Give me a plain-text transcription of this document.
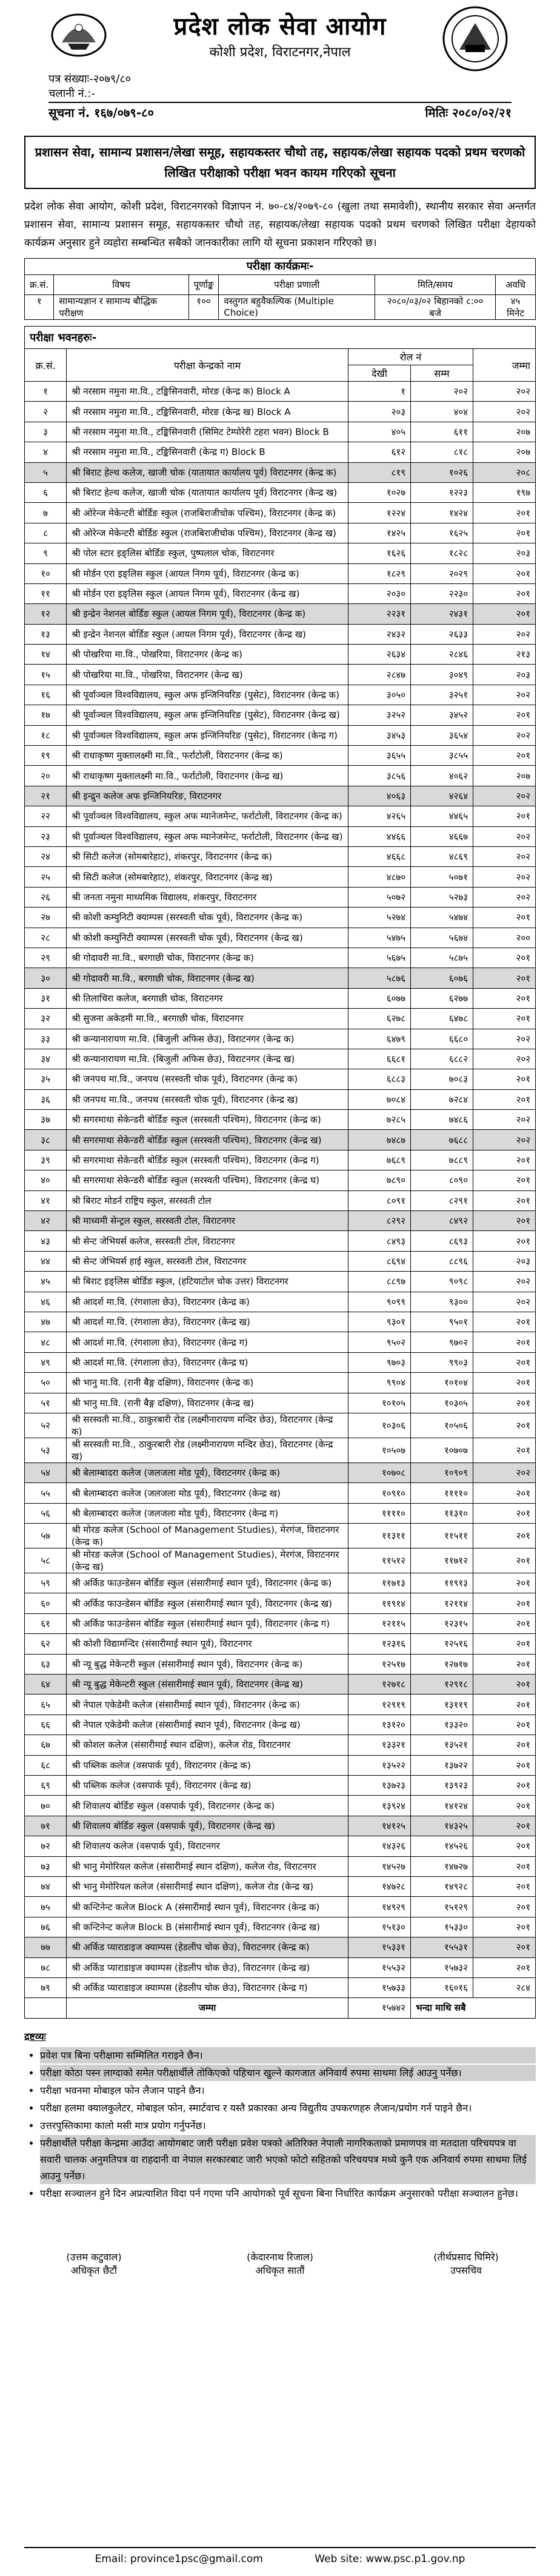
प्रदेश लोक सेवा आयोग
कोशी प्रदेश, विराटनगर,नेपाल
पत्र संख्याः-२०७९/८०
चलानी नं.:-
सूचना नं. १६७/०७९-८०	मितिः २०८०/०२/२१
प्रशासन सेवा, सामान्य प्रशासन/लेखा समूह, सहायकस्तर चौथो तह, सहायक/लेखा सहायक पदको प्रथम चरणको लिखित परीक्षाको परीक्षा भवन कायम गरिएको सूचना
प्रदेश लोक सेवा आयोग, कोशी प्रदेश, विराटनगरको विज्ञापन नं. ७०-८४/२०७९-८० (खुला तथा समावेशी), स्थानीय सरकार सेवा अन्तर्गत प्रशासन सेवा, सामान्य प्रशासन समूह, सहायकस्तर चौथो तह, सहायक/लेखा सहायक पदको प्रथम चरणको लिखित परीक्षा देहायको कार्यक्रम अनुसार हुने व्यहोरा सम्बन्धित सबैको जानकारीका लागि यो सूचना प्रकाशन गरिएको छ।
परीक्षा कार्यक्रमः-					
क्र.सं.	विषय	पूर्णाङ्क	परीक्षा प्रणाली	मिति/समय	अवधि
१	सामान्यज्ञान र सामान्य बौद्धिक परीक्षण	१००	वस्तुगत बहुवैकल्पिक (Multiple Choice)	२०८०/०३/०२ बिहानको ८:०० बजे	४५ मिनेट
परीक्षा भवनहरुः-
क्र.सं.	परीक्षा केन्द्रको नाम	रोल नं		जम्मा
		देखी	सम्म	
१	श्री नरसाम नमुना मा.वि., टङ्किसिनवारी, मोरङ (केन्द्र क) Block A	१	२०२	२०२
२	श्री नरसाम नमुना मा.वि., टङ्किसिनवारी, मोरङ (केन्द्र ख) Block A	२०३	४०४	२०२
३	श्री नरसाम नमुना मा.वि., टङ्किसिनवारी (सिमिट टेम्पोरेरी टहरा भवन) Block B	४०५	६११	२०७
४	श्री नरसाम नमुना मा.वि., टङ्किसिनवारी (केन्द्र ग) Block B	६१२	८१८	२०७
५	श्री बिराट हेल्थ कलेज, खाजी चोक (यातायात कार्यालय पूर्व) विराटनगर (केन्द्र क)	८१९	१०२६	२०८
६	श्री बिराट हेल्थ कलेज, खाजी चोक (यातायात कार्यालय पूर्व) विराटनगर (केन्द्र ख)	१०२७	१२२३	१९७
७	श्री ओरेन्ज मेकेन्टरी बोर्डिङ स्कुल (राजबिराजीचोक पश्चिम), विराटनगर (केन्द्र क)	१२२४	१४२४	२०१
८	श्री ओरेन्ज मेकेन्टरी बोर्डिङ स्कुल (राजबिराजीचोक पश्चिम), विराटनगर (केन्द्र ख)	१४२५	१६२५	२०१
९	श्री पोल स्टार इङ्लिस बोर्डिङ स्कुल, पुष्पलाल चोक, विराटनगर	१६२६	१८२८	२०३
१०	श्री मोर्डन एरा इङ्लिस स्कुल (आयल निगम पूर्व), विराटनगर (केन्द्र क)	१८२९	२०२९	२०१
११	श्री मोर्डन एरा इङ्लिस स्कुल (आयल निगम पूर्व), विराटनगर (केन्द्र ख)	२०३०	२२३०	२०१
१२	श्री इन्द्रेन नेशनल बोर्डिङ स्कुल (आयल निगम पूर्व), विराटनगर (केन्द्र क)	२२३१	२४३१	२०१
१३	श्री इन्द्रेन नेशनल बोर्डिङ स्कुल (आयल निगम पूर्व), विराटनगर (केन्द्र ख)	२४३२	२६३३	२०२
१४	श्री पोखरिया मा.वि., पोखरिया, विराटनगर (केन्द्र क)	२६३४	२८४६	२१३
१५	श्री पोखरिया मा.वि., पोखरिया, विराटनगर (केन्द्र ख)	२८४७	३०४९	२०३
१६	श्री पूर्वाञ्चल विश्वविद्यालय, स्कुल अफ इन्जिनियरिङ (पुसेट), विराटनगर (केन्द्र क)	३०५०	३२५१	२०२
१७	श्री पूर्वाञ्चल विश्वविद्यालय, स्कुल अफ इन्जिनियरिङ (पुसेट), विराटनगर (केन्द्र ख)	३२५२	३४५२	२०१
१८	श्री पूर्वाञ्चल विश्वविद्यालय, स्कुल अफ इन्जिनियरिङ (पुसेट), विराटनगर (केन्द्र ग)	३४५३	३६५४	२०२
१९	श्री राधाकृष्ण मुक्तालक्ष्मी मा.वि., फर्राटोली, विराटनगर (केन्द्र क)	३६५५	३८५५	२०१
२०	श्री राधाकृष्ण मुक्तालक्ष्मी मा.वि., फर्राटोली, विराटनगर (केन्द्र ख)	३८५६	४०६२	२०७
२१	श्री इन्द्रुन कलेज अफ इन्जिनियरिङ, विराटनगर	४०६३	४२६४	२०२
२२	श्री पूर्वाञ्चल विश्वविद्यालय, स्कुल अफ म्यानेजमेन्ट, फर्राटोली, विराटनगर (केन्द्र क)	४२६५	४४६५	२०१
२३	श्री पूर्वाञ्चल विश्वविद्यालय, स्कुल अफ म्यानेजमेन्ट, फर्राटोली, विराटनगर (केन्द्र ख)	४४६६	४६६७	२०२
२४	श्री सिटी कलेज (सोमबारेहाट), शंकरपुर, विराटनगर (केन्द्र क)	४६६८	४८६९	२०२
२५	श्री सिटी कलेज (सोमबारेहाट), शंकरपुर, विराटनगर (केन्द्र ख)	४८७०	५०७१	२०२
२६	श्री जनता नमुना माध्यमिक विद्यालय, शंकरपुर, विराटनगर	५०७२	५२७३	२०२
२७	श्री कोशी कम्युनिटी क्याम्पस (सरस्वती चोक पूर्व), विराटनगर (केन्द्र क)	५२७४	५४७४	२०१
२८	श्री कोशी कम्युनिटी क्याम्पस (सरस्वती चोक पूर्व), विराटनगर (केन्द्र ख)	५४७५	५६७४	२००
२९	श्री गोदावरी मा.वि., बरगाछी चोक, विराटनगर (केन्द्र क)	५६७५	५८७५	२०१
३०	श्री गोदावरी मा.वि., बरगाछी चोक, विराटनगर (केन्द्र ख)	५८७६	६०७६	२०१
३१	श्री तिलाचिरा कलेज, बरगाछी चोक, विराटनगर	६०७७	६२७७	२०१
३२	श्री सुजना अकेडमी मा.वि., बरगाछी चोक, विराटनगर	६२७८	६४७८	२०१
३३	श्री कन्यानारायण मा.वि. (बिजुली अफिस छेउ), विराटनगर (केन्द्र क)	६४७९	६६८०	२०२
३४	श्री कन्यानारायण मा.वि. (बिजुली अफिस छेउ), विराटनगर (केन्द्र ख)	६६८१	६८८२	२०२
३५	श्री जनपथ मा.वि., जनपथ (सरस्वती चोक पूर्व), विराटनगर (केन्द्र क)	६८८३	७०८३	२०१
३६	श्री जनपथ मा.वि., जनपथ (सरस्वती चोक पूर्व), विराटनगर (केन्द्र ख)	७०८४	७२८४	२०१
३७	श्री सगरमाथा सेकेन्डरी बोर्डिङ स्कुल (सरस्वती पश्चिम), विराटनगर (केन्द्र क)	७२८५	७४८६	२०२
३८	श्री सगरमाथा सेकेन्डरी बोर्डिङ स्कुल (सरस्वती पश्चिम), विराटनगर (केन्द्र ख)	७४८७	७६८८	२०२
३९	श्री सगरमाथा सेकेन्डरी बोर्डिङ स्कुल (सरस्वती पश्चिम), विराटनगर (केन्द्र ग)	७६८९	७८८९	२०१
४०	श्री सगरमाथा सेकेन्डरी बोर्डिङ स्कुल (सरस्वती पश्चिम), विराटनगर (केन्द्र घ)	७८९०	८०९०	२०१
४१	श्री बिराट मोडर्न राष्ट्रिय स्कुल, सरस्वती टोल	८०९१	८२९१	२०१
४२	श्री माध्यमी सेन्ट्रल स्कुल, सरस्वती टोल, विराटनगर	८२९२	८४९२	२०१
४३	श्री सेन्ट जेभियर्स कलेज, सरस्वती टोल, विराटनगर	८४९३	८६९३	२०१
४४	श्री सेन्ट जेभियर्स हाई स्कुल, सरस्वती टोल, विराटनगर	८६९४	८८९६	२०३
४५	श्री बिराट इङ्लिस बोर्डिङ स्कुल, (हटियाटोल चोक उत्तर) विराटनगर	८८९७	९०९८	२०२
४६	श्री आदर्श मा.वि. (रंगशाला छेउ), विराटनगर (केन्द्र क)	९०९९	९३००	२०२
४७	श्री आदर्श मा.वि. (रंगशाला छेउ), विराटनगर (केन्द्र ख)	९३०१	९५०१	२०१
४८	श्री आदर्श मा.वि. (रंगशाला छेउ), विराटनगर (केन्द्र ग)	९५०२	९७०२	२०१
४९	श्री आदर्श मा.वि. (रंगशाला छेउ), विराटनगर (केन्द्र घ)	९७०३	९९०३	२०१
५०	श्री भानु मा.वि. (रानी बैङ्ग दक्षिण), विराटनगर (केन्द्र क)	९९०४	१०१०४	२०१
५१	श्री भानु मा.वि. (रानी बैङ्ग दक्षिण), विराटनगर (केन्द्र ख)	१०१०५	१०३०५	२०१
५२	श्री सरस्वती मा.वि., ठाकुरबारी रोड (लक्ष्मीनारायण मन्दिर छेउ), विराटनगर (केन्द्र क)	१०३०६	१०५०६	२०१
५३	श्री सरस्वती मा.वि., ठाकुरबारी रोड (लक्ष्मीनारायण मन्दिर छेउ), विराटनगर (केन्द्र ख)	१०५०७	१०७०७	२०१
५४	श्री बेलाम्बादरा कलेज (जलजला मोड पूर्व), विराटनगर (केन्द्र क)	१०७०८	१०९०९	२०२
५५	श्री बेलाम्बादरा कलेज (जलजला मोड पूर्व), विराटनगर (केन्द्र ख)	१०९१०	११११०	२०१
५६	श्री बेलाम्बादरा कलेज (जलजला मोड पूर्व), विराटनगर (केन्द्र ग)	११११०	११३१०	२०१
५७	श्री मोरङ कलेज (School of Management Studies), मेरगंज, विराटनगर (केन्द्र क)	११३११	११५११	२०१
५८	श्री मोरङ कलेज (School of Management Studies), मेरगंज, विराटनगर (केन्द्र ख)	११५१२	११७१२	२०१
५९	श्री अर्किड फाउन्डेसन बोर्डिङ स्कुल (संसारीमाई स्थान पूर्व), विराटनगर (केन्द्र क)	११७१३	११९१३	२०१
६०	श्री अर्किड फाउन्डेसन बोर्डिङ स्कुल (संसारीमाई स्थान पूर्व), विराटनगर (केन्द्र ख)	११९१४	१२११४	२०१
६१	श्री अर्किड फाउन्डेसन बोर्डिङ स्कुल (संसारीमाई स्थान पूर्व), विराटनगर (केन्द्र ग)	१२११५	१२३१५	२०१
६२	श्री कोशी विद्यामन्दिर (संसारीमाई स्थान पूर्व), विराटनगर	१२३१६	१२५१६	२०१
६३	श्री न्यू बुद्ध मेकेन्टरी स्कुल (संसारीमाई स्थान पूर्व), विराटनगर (केन्द्र क)	१२५१७	१२७१७	२०१
६४	श्री न्यू बुद्ध मेकेन्टरी स्कुल (संसारीमाई स्थान पूर्व), विराटनगर (केन्द्र ख)	१२७१८	१२९१८	२०१
६५	श्री नेपाल एकेडेमी कलेज (संसारीमाई स्थान पूर्व), विराटनगर (केन्द्र क)	१२९१९	१३११९	२०१
६६	श्री नेपाल एकेडेमी कलेज (संसारीमाई स्थान पूर्व), विराटनगर (केन्द्र ख)	१३१२०	१३३२०	२०१
६७	श्री कोशल कलेज (संसारीमाई स्थान दक्षिण), कलेज रोड, विराटनगर	१३३२१	१३५२१	२०१
६८	श्री पब्लिक कलेज (वसपार्क पूर्व), विराटनगर (केन्द्र क)	१३५२२	१३७२२	२०१
६९	श्री पब्लिक कलेज (वसपार्क पूर्व), विराटनगर (केन्द्र ख)	१३७२३	१३९२३	२०१
७०	श्री शिवालय बोर्डिङ स्कुल (वसपार्क पूर्व), विराटनगर (केन्द्र क)	१३९२४	१४१२४	२०१
७१	श्री शिवालय बोर्डिङ स्कुल (वसपार्क पूर्व), विराटनगर (केन्द्र ख)	१४१२५	१४३२५	२०१
७२	श्री शिवालय कलेज (वसपार्क पूर्व), विराटनगर	१४३२६	१४५२६	२०१
७३	श्री भानु मेमोरियल कलेज (संसारीमाई स्थान दक्षिण), कलेज रोड, विराटनगर	१४५२७	१४७२७	२०१
७४	श्री भानु मेमोरियल कलेज (संसारीमाई स्थान दक्षिण), कलेज रोड (केन्द्र ख)	१४७२८	१४९२८	२०१
७५	श्री कन्टिनेन्ट कलेज Block A (संसारीमाई स्थान पूर्व), विराटनगर (केन्द्र क)	१४९२९	१५१२९	२०१
७६	श्री कन्टिनेन्ट कलेज Block B (संसारीमाई स्थान पूर्व), विराटनगर (केन्द्र ख)	१५१३०	१५३३०	२०१
७७	श्री अर्किड प्याराडाइज क्याम्पस (हेडलीप चोक छेउ), विराटनगर (केन्द्र क)	१५३३१	१५५३१	२०१
७८	श्री अर्किड प्याराडाइज क्याम्पस (हेडलीप चोक छेउ), विराटनगर (केन्द्र ख)	१५५३२	१५७३२	२०१
७९	श्री अर्किड प्याराडाइज क्याम्पस (हेडलीप चोक छेउ), विराटनगर (केन्द्र ग)	१५७३३	१६०१६	२८४
	जम्मा	१५७४२	भन्दा माथि सबै	
द्रष्टव्यः
• प्रवेश पत्र बिना परीक्षामा सम्मिलित गराइने छैन।
• परीक्षा कोठा पस्न लाग्दाको समेत परीक्षार्थीले तोकिएको पहिचान खुल्ने कागजात अनिवार्य रुपमा साथमा लिई आउनु पर्नेछ।
• परीक्षा भवनमा मोबाइल फोन लैजान पाइने छैन।
• परीक्षा हलमा क्यालकुलेटर, मोबाइल फोन, स्मार्टवाच र यस्तै प्रकारका अन्य विद्युतीय उपकरणहरु लैजान/प्रयोग गर्न पाइने छैन।
• उत्तरपुस्तिकामा कालो मसी मात्र प्रयोग गर्नुपर्नेछ।
• परीक्षार्थीले परीक्षा केन्द्रमा आउँदा आयोगबाट जारी परीक्षा प्रवेश पत्रको अतिरिक्त नेपाली नागरिकताको प्रमाणपत्र वा मतदाता परिचयपत्र वा सवारी चालक अनुमतिपत्र वा राहदानी वा नेपाल सरकारबाट जारी भएको फोटो सहितको परिचयपत्र मध्ये कुनै एक अनिवार्य रुपमा साथमा लिई आउनु पर्नेछ।
• परीक्षा सञ्चालन हुने दिन अप्रत्याशित विदा पर्न गएमा पनि आयोगको पूर्व सूचना बिना निर्धारित कार्यक्रम अनुसारको परीक्षा सञ्चालन हुनेछ।
(उत्तम कटुवाल)
अधिकृत छैटौं
(केदारनाथ रिजाल)
अधिकृत सातौं
(तीर्थप्रसाद घिमिरे)
उपसचिव
Email: province1psc@gmail.com	Web site: www.psc.p1.gov.np
